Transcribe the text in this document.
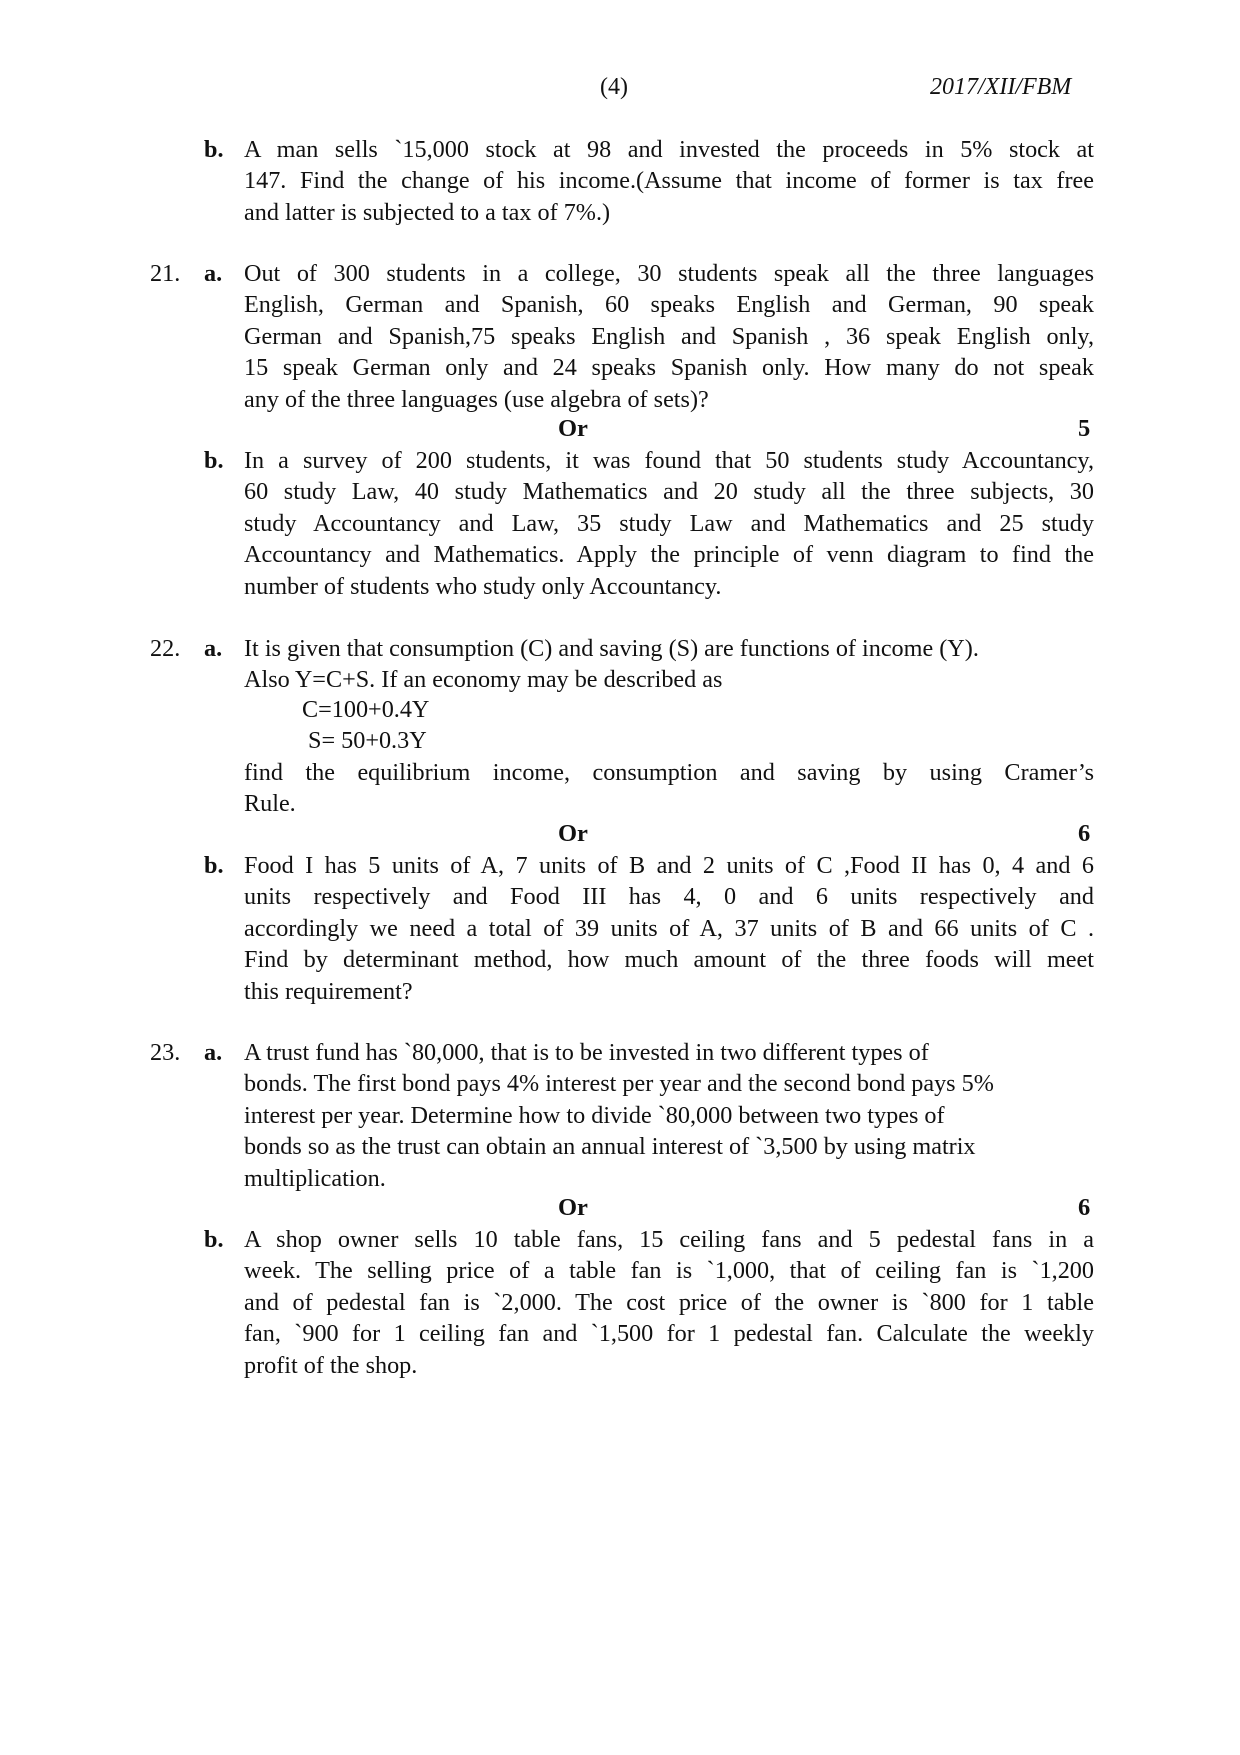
(4)	2017/XII/FBM
b. A man sells `15,000 stock at 98 and invested the proceeds in 5% stock at
147. Find the change of his income.(Assume that income of former is tax free
and latter is subjected to a tax of 7%.)
21. a. Out of 300 students in a college, 30 students speak all the three languages
English, German and Spanish, 60 speaks English and German, 90 speak
German and Spanish,75 speaks English and Spanish , 36 speak English only,
15 speak German only and 24 speaks Spanish only. How many do not speak
any of the three languages (use algebra of sets)?
Or	5
b. In a survey of 200 students, it was found that 50 students study Accountancy,
60 study Law, 40 study Mathematics and 20 study all the three subjects, 30
study Accountancy and Law, 35 study Law and Mathematics and 25 study
Accountancy and Mathematics. Apply the principle of venn diagram to find the
number of students who study only Accountancy.
22. a. It is given that consumption (C) and saving (S) are functions of income (Y).
Also Y=C+S. If an economy may be described as
C=100+0.4Y
S= 50+0.3Y
find the equilibrium income, consumption and saving by using Cramer’s
Rule.
Or	6
b. Food I has 5 units of A, 7 units of B and 2 units of C ,Food II has 0, 4 and 6
units respectively and Food III has 4, 0 and 6 units respectively and
accordingly we need a total of 39 units of A, 37 units of B and 66 units of C .
Find by determinant method, how much amount of the three foods will meet
this requirement?
23. a. A trust fund has `80,000, that is to be invested in two different types of
bonds. The first bond pays 4% interest per year and the second bond pays 5%
interest per year. Determine how to divide `80,000 between two types of
bonds so as the trust can obtain an annual interest of `3,500 by using matrix
multiplication.
Or	6
b. A shop owner sells 10 table fans, 15 ceiling fans and 5 pedestal fans in a
week. The selling price of a table fan is `1,000, that of ceiling fan is `1,200
and of pedestal fan is `2,000. The cost price of the owner is `800 for 1 table
fan, `900 for 1 ceiling fan and `1,500 for 1 pedestal fan. Calculate the weekly
profit of the shop.
